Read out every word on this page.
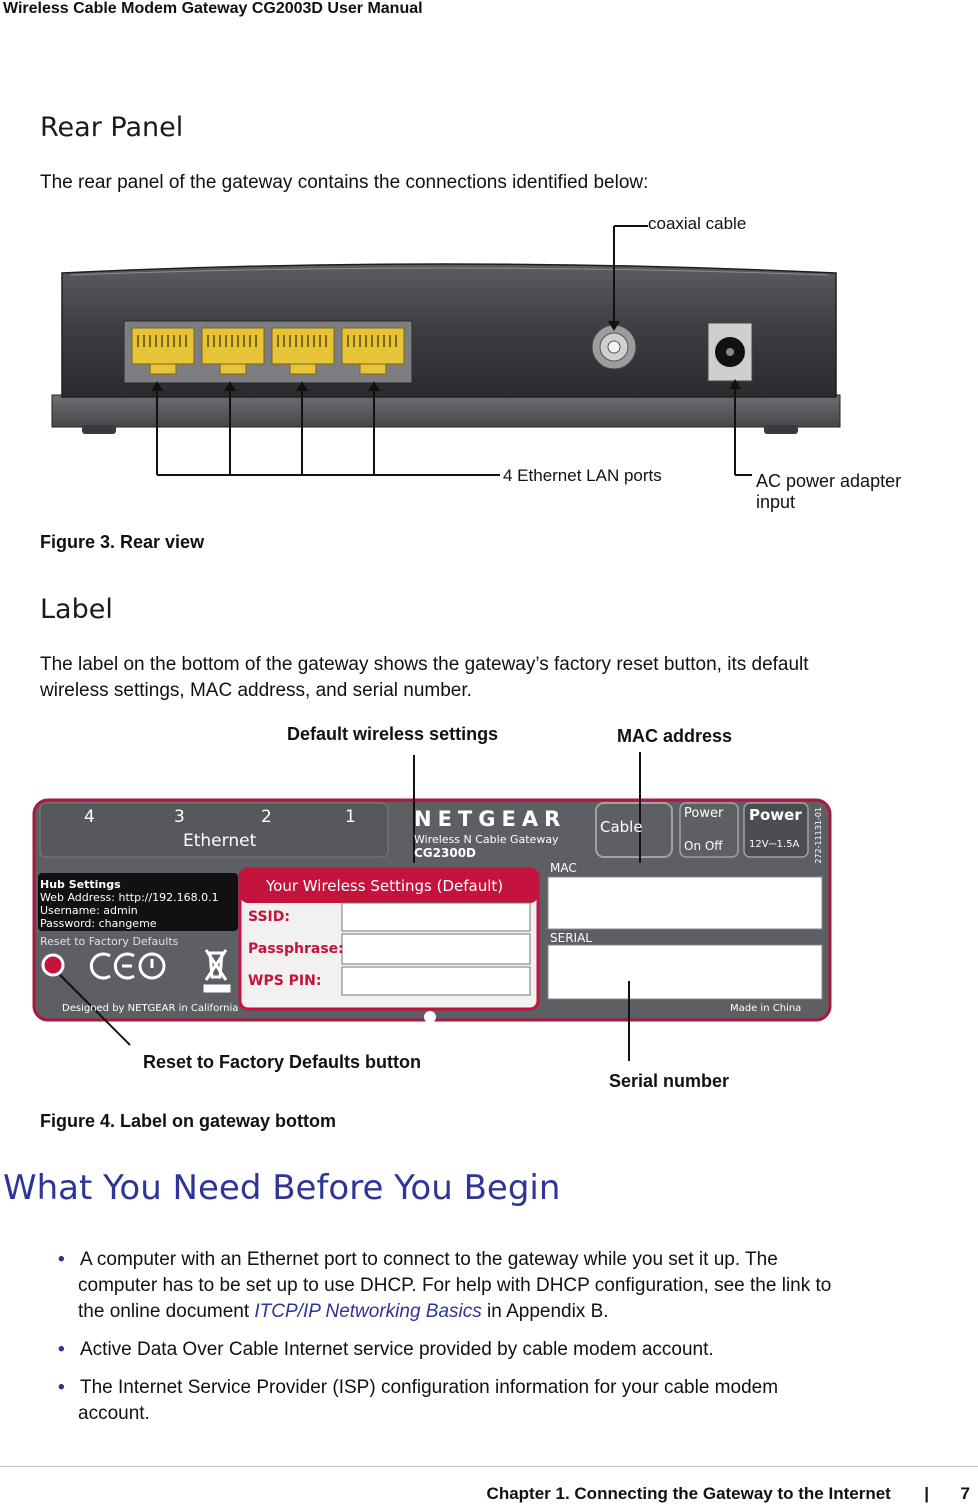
Wireless Cable Modem Gateway CG2003D User Manual
Rear Panel
The rear panel of the gateway contains the connections identified below:
coaxial cable
4 Ethernet LAN ports	AC power adapter
input
Figure 3. Rear view
Label
The label on the bottom of the gateway shows the gateway’s factory reset button, its default
wireless settings, MAC address, and serial number.
Default wireless settings	MAC address
4	3	2	1
Ethernet
NETGEAR
Wireless N Cable Gateway
CG2300D
Cable
Power
On Off
Power
12V⎓1.5A 272-11131-01
Hub Settings
Web Address: http://192.168.0.1
Username: admin
Password: changeme
Reset to Factory Defaults
Designed by NETGEAR in California
Your Wireless Settings (Default)
SSID:
Passphrase:
WPS PIN:
MAC
SERIAL
Made in China
Reset to Factory Defaults button
Serial number
Figure 4. Label on gateway bottom
What You Need Before You Begin
• A computer with an Ethernet port to connect to the gateway while you set it up. The
computer has to be set up to use DHCP. For help with DHCP configuration, see the link to
the online document ITCP/IP Networking Basics in Appendix B.
• Active Data Over Cable Internet service provided by cable modem account.
• The Internet Service Provider (ISP) configuration information for your cable modem
account.
Chapter 1. Connecting the Gateway to the Internet | 7
